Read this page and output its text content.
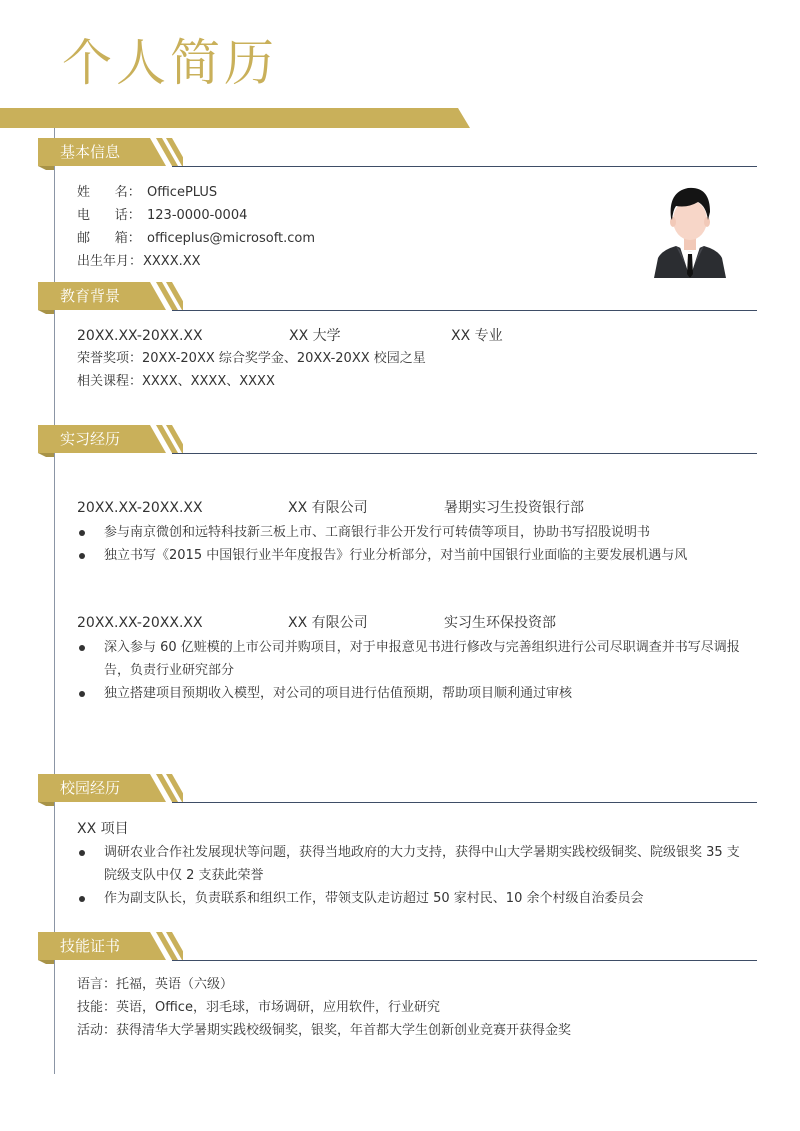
个人简历
基本信息
姓      名： OfficePLUS
电      话： 123-0000-0004
邮      箱： officeplus@microsoft.com
出生年月：XXXX.XX
教育背景
20XX.XX-20XX.XX	XX 大学	XX 专业
荣誉奖项：20XX-20XX 综合奖学金、20XX-20XX 校园之星
相关课程：XXXX、XXXX、XXXX
实习经历
20XX.XX-20XX.XX	XX 有限公司	暑期实习生投资银行部
参与南京微创和远特科技新三板上市、工商银行非公开发行可转债等项目，协助书写招股说明书
独立书写《2015 中国银行业半年度报告》行业分析部分，对当前中国银行业面临的主要发展机遇与风
20XX.XX-20XX.XX	XX 有限公司	实习生环保投资部
深入参与 60 亿赃模的上市公司并购项目，对于申报意见书进行修改与完善组织进行公司尽职调查并书写尽调报告，负责行业研究部分
独立搭建项目预期收入模型，对公司的项目进行估值预期，帮助项目顺利通过审核
校园经历
XX 项目
调研农业合作社发展现状等问题，获得当地政府的大力支持，获得中山大学暑期实践校级铜奖、院级银奖 35 支院级支队中仅 2 支获此荣誉
作为副支队长，负责联系和组织工作，带领支队走访超过 50 家村民、10 余个村级自治委员会
技能证书
语言：托福，英语（六级）
技能：英语，Office，羽毛球，市场调研，应用软件，行业研究
活动：获得清华大学暑期实践校级铜奖，银奖，年首都大学生创新创业竞赛开获得金奖
